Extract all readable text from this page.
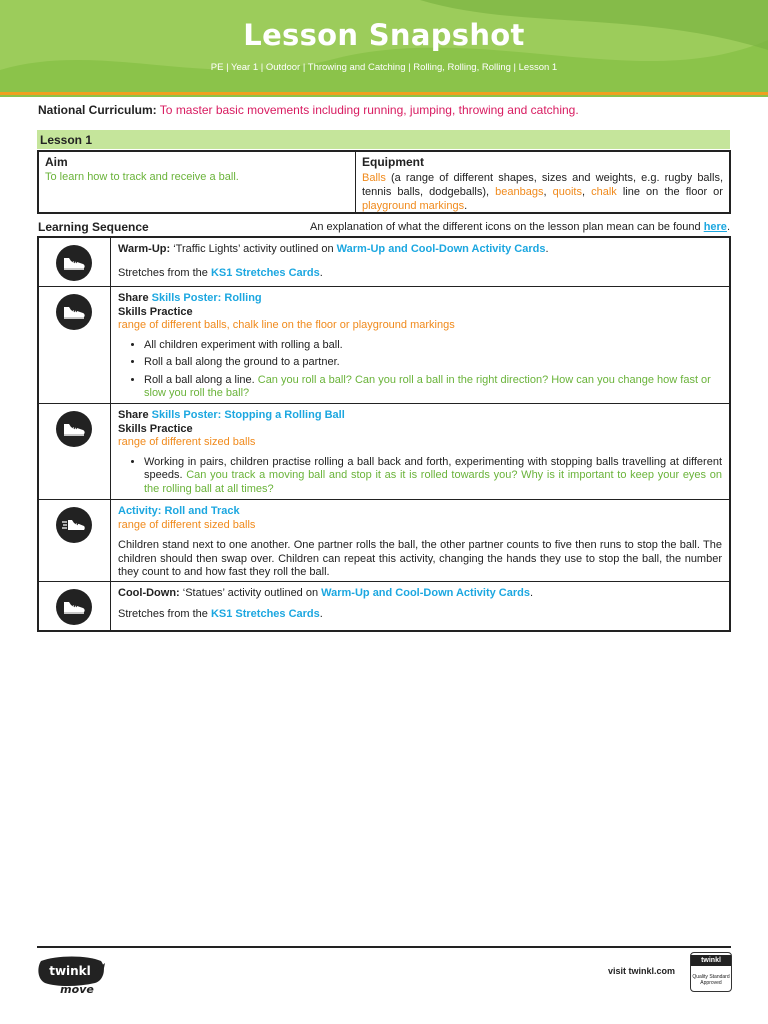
Lesson Snapshot
PE | Year 1 | Outdoor | Throwing and Catching | Rolling, Rolling, Rolling | Lesson 1
National Curriculum: To master basic movements including running, jumping, throwing and catching.
Lesson 1
Aim
To learn how to track and receive a ball.
Equipment
Balls (a range of different shapes, sizes and weights, e.g. rugby balls, tennis balls, dodgeballs), beanbags, quoits, chalk line on the floor or playground markings.
Learning Sequence	An explanation of what the different icons on the lesson plan mean can be found here.

Warm-Up: ‘Traffic Lights’ activity outlined on Warm-Up and Cool-Down Activity Cards.

Stretches from the KS1 Stretches Cards.

Share Skills Poster: Rolling

Skills Practice

range of different balls, chalk line on the floor or playground markings

• All children experiment with rolling a ball.
• Roll a ball along the ground to a partner.
• Roll a ball along a line. Can you roll a ball? Can you roll a ball in the right direction? How can you change how fast or slow you roll the ball?

Share Skills Poster: Stopping a Rolling Ball

Skills Practice

range of different sized balls

• Working in pairs, children practise rolling a ball back and forth, experimenting with stopping balls travelling at different speeds. Can you track a moving ball and stop it as it is rolled towards you? Why is it important to keep your eyes on the rolling ball at all times?

Activity: Roll and Track

range of different sized balls

Children stand next to one another. One partner rolls the ball, the other partner counts to five then runs to stop the ball. The children should then swap over. Children can repeat this activity, changing the hands they use to stop the ball, the number they count to and how fast they roll the ball.

Cool-Down: ‘Statues’ activity outlined on Warm-Up and Cool-Down Activity Cards.

Stretches from the KS1 Stretches Cards.

twinkl
move
visit twinkl.com
twinkl
Quality Standard Approved
